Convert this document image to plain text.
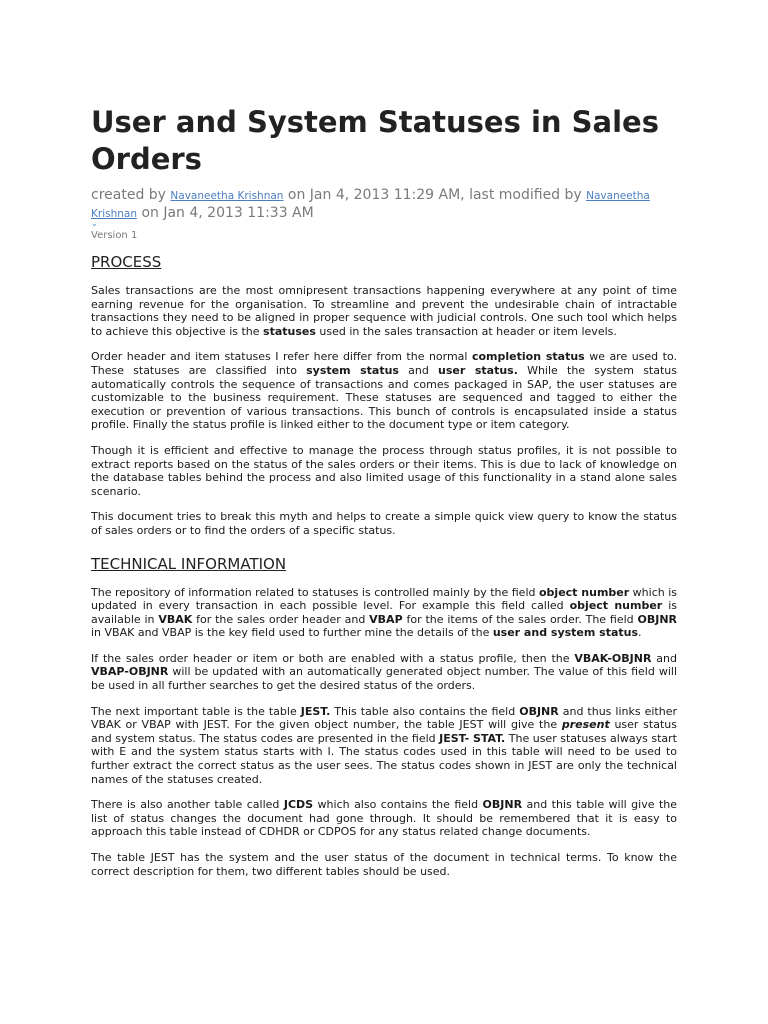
User and System Statuses in Sales Orders
created by Navaneetha Krishnan on Jan 4, 2013 11:29 AM, last modified by Navaneetha Krishnan on Jan 4, 2013 11:33 AM
⌄
Version 1
PROCESS

Sales transactions are the most omnipresent transactions happening everywhere at any point of time earning revenue for the organisation. To streamline and prevent the undesirable chain of intractable transactions they need to be aligned in proper sequence with judicial controls. One such tool which helps to achieve this objective is the statuses used in the sales transaction at header or item levels.

Order header and item statuses I refer here differ from the normal completion status we are used to. These statuses are classified into system status and user status. While the system status automatically controls the sequence of transactions and comes packaged in SAP, the user statuses are customizable to the business requirement. These statuses are sequenced and tagged to either the execution or prevention of various transactions. This bunch of controls is encapsulated inside a status profile. Finally the status profile is linked either to the document type or item category.

Though it is efficient and effective to manage the process through status profiles, it is not possible to extract reports based on the status of the sales orders or their items. This is due to lack of knowledge on the database tables behind the process and also limited usage of this functionality in a stand alone sales scenario.

This document tries to break this myth and helps to create a simple quick view query to know the status of sales orders or to find the orders of a specific status.

TECHNICAL INFORMATION

The repository of information related to statuses is controlled mainly by the field object number which is updated in every transaction in each possible level. For example this field called object number is available in VBAK for the sales order header and VBAP for the items of the sales order. The field OBJNR in VBAK and VBAP is the key field used to further mine the details of the user and system status.

If the sales order header or item or both are enabled with a status profile, then the VBAK-OBJNR and VBAP-OBJNR will be updated with an automatically generated object number. The value of this field will be used in all further searches to get the desired status of the orders.

The next important table is the table JEST. This table also contains the field OBJNR and thus links either VBAK or VBAP with JEST. For the given object number, the table JEST will give the present user status and system status. The status codes are presented in the field JEST- STAT. The user statuses always start with E and the system status starts with I. The status codes used in this table will need to be used to further extract the correct status as the user sees. The status codes shown in JEST are only the technical names of the statuses created.

There is also another table called JCDS which also contains the field OBJNR and this table will give the list of status changes the document had gone through. It should be remembered that it is easy to approach this table instead of CDHDR or CDPOS for any status related change documents.

The table JEST has the system and the user status of the document in technical terms. To know the correct description for them, two different tables should be used.
